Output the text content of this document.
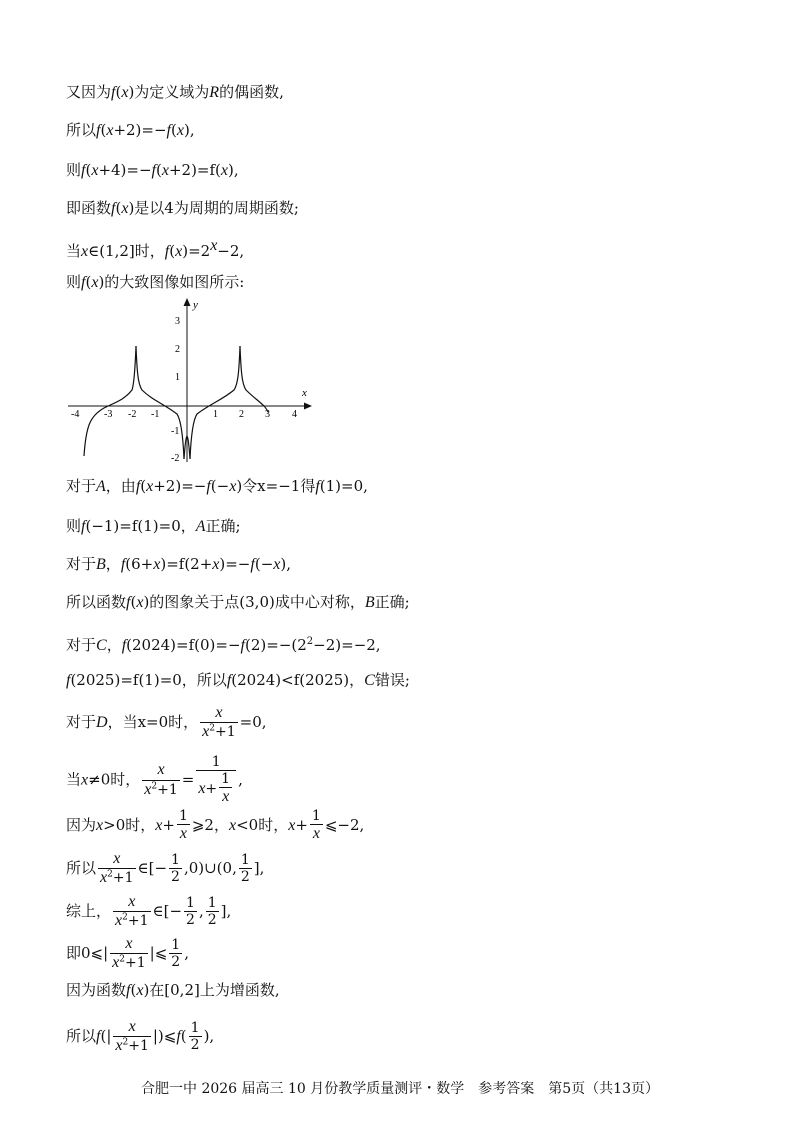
又因为f(x)为定义域为R的偶函数,
所以f(x+2)=−f(x),
则f(x+4)=−f(x+2)=f(x),
即函数f(x)是以4为周期的周期函数;
当x∈(1,2]时，$f(x)=2^x-2$,
则f(x)的大致图像如图所示:
x
y
-4 -3 -2 -1	1 2 3 4
3
2
1
-1
-2
对于A，由f(x+2)=−f(−x)令x=−1得f(1)=0,
则f(−1)=f(1)=0，A正确;
对于B，f(6+x)=f(2+x)=−f(−x),
所以函数f(x)的图象关于点(3,0)成中心对称，B正确;
对于C，$f(2024)=f(0)=-f(2)=-(2^2-2)=-2$,
f(2025)=f(1)=0，所以f(2024)<f(2025)，C错误;
对于D，当x=0时， $\frac{x}{x^2+1} =0$,
当x≠0时， $\frac{x}{x^2+1} = \frac{1}{x+ \frac{1}{x}}$ ,
因为x>0时，$x+ \frac{1}{x}$ ⩾2，x<0时，$x+ \frac{1}{x}$ ⩽−2,
所以 $\frac{x}{x^2+1}$ ∈[− $\frac{1}{2}$ ,0)∪(0, $\frac{1}{2}$ ],
综上， $\frac{x}{x^2+1}$ ∈[− $\frac{1}{2}$ , $\frac{1}{2}$ ],
即0⩽| $\frac{x}{x^2+1}$ |⩽ $\frac{1}{2}$ ,
因为函数f(x)在[0,2]上为增函数,
所以$f(| \frac{x}{x^2+1}$ |)⩽f( $\frac{1}{2}$ ),
合肥一中 2026 届高三 10 月份教学质量测评・数学　参考答案　第5页（共13页）
